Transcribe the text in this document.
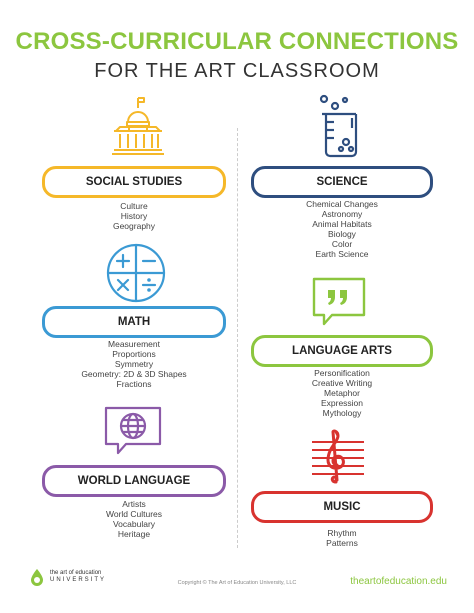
CROSS-CURRICULAR CONNECTIONS
FOR THE ART CLASSROOM
SOCIAL STUDIES
Culture
History
Geography
SCIENCE
Chemical Changes
Astronomy
Animal Habitats
Biology
Color
Earth Science
MATH
Measurement
Proportions
Symmetry
Geometry: 2D & 3D Shapes
Fractions
LANGUAGE ARTS
Personification
Creative Writing
Metaphor
Expression
Mythology
WORLD LANGUAGE
Artists
World Cultures
Vocabulary
Heritage
MUSIC
Rhythm
Patterns
the art of education
UNIVERSITY	Copyright © The Art of Education University, LLC	theartofeducation.edu
